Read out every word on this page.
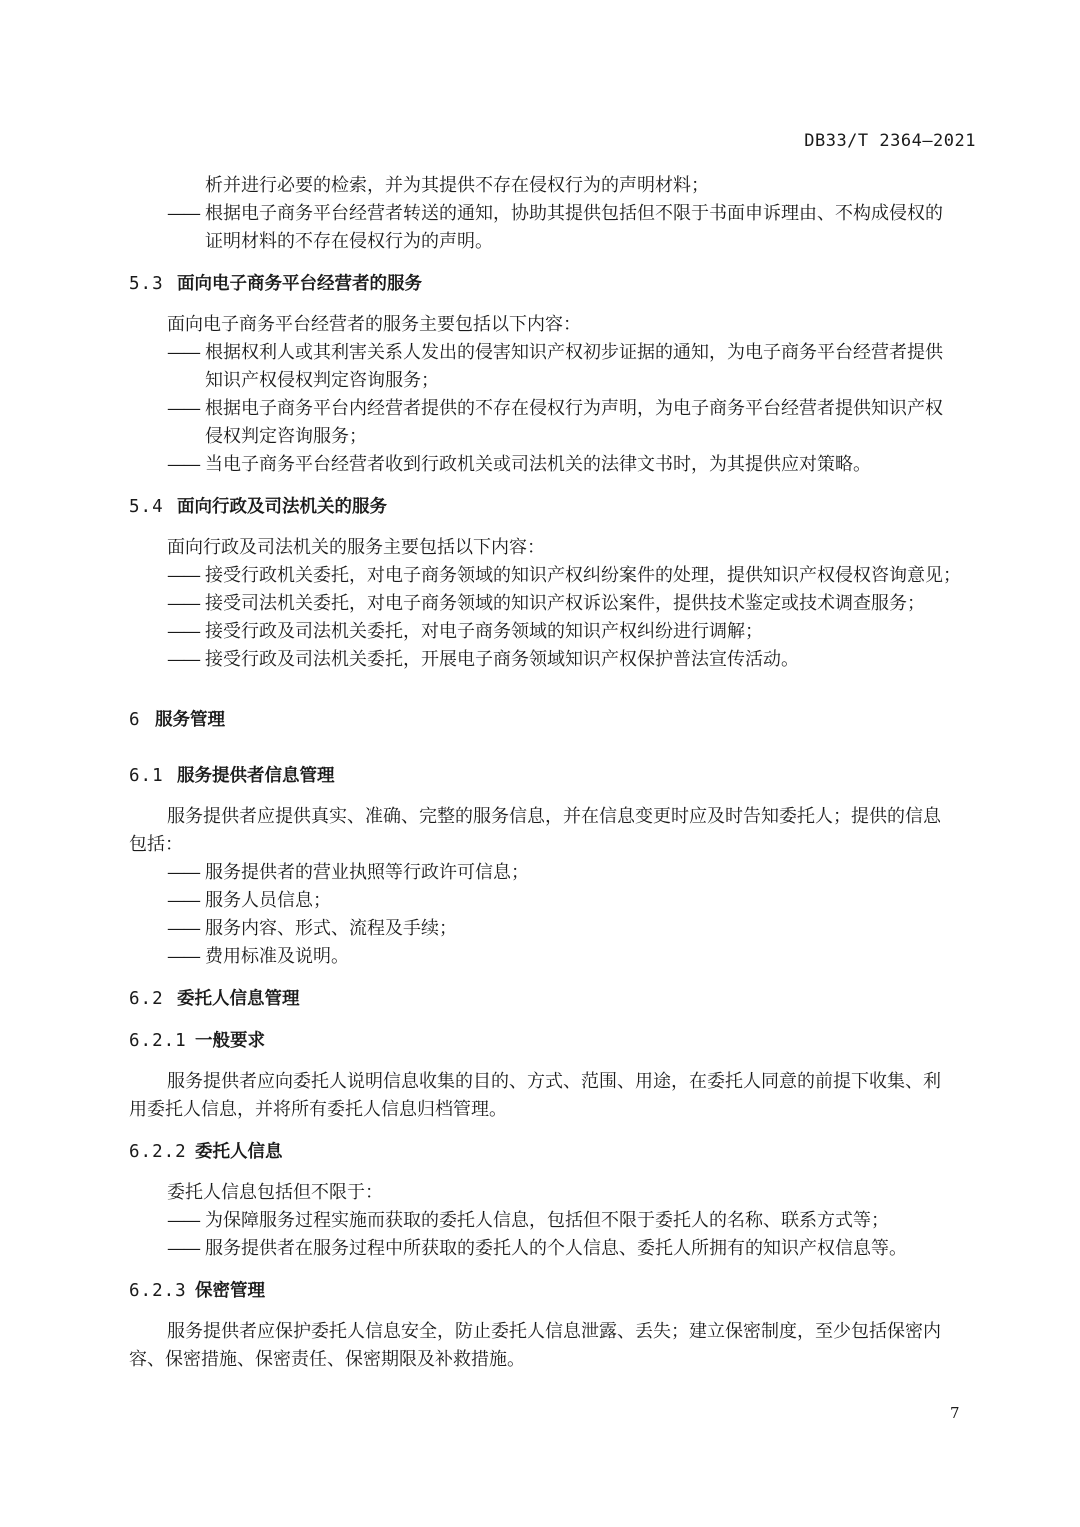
DB33/T 2364—2021

析并进行必要的检索，并为其提供不存在侵权行为的声明材料；

—— 根据电子商务平台经营者转送的通知，协助其提供包括但不限于书面申诉理由、不构成侵权的
证明材料的不存在侵权行为的声明。

5.3 面向电子商务平台经营者的服务

面向电子商务平台经营者的服务主要包括以下内容：

—— 根据权利人或其利害关系人发出的侵害知识产权初步证据的通知，为电子商务平台经营者提供
知识产权侵权判定咨询服务；

—— 根据电子商务平台内经营者提供的不存在侵权行为声明，为电子商务平台经营者提供知识产权
侵权判定咨询服务；

—— 当电子商务平台经营者收到行政机关或司法机关的法律文书时，为其提供应对策略。

5.4 面向行政及司法机关的服务

面向行政及司法机关的服务主要包括以下内容：

—— 接受行政机关委托，对电子商务领域的知识产权纠纷案件的处理，提供知识产权侵权咨询意见；

—— 接受司法机关委托，对电子商务领域的知识产权诉讼案件，提供技术鉴定或技术调查服务；

—— 接受行政及司法机关委托，对电子商务领域的知识产权纠纷进行调解；

—— 接受行政及司法机关委托，开展电子商务领域知识产权保护普法宣传活动。

6 服务管理

6.1 服务提供者信息管理

服务提供者应提供真实、准确、完整的服务信息，并在信息变更时应及时告知委托人；提供的信息

包括：

—— 服务提供者的营业执照等行政许可信息；

—— 服务人员信息；

—— 服务内容、形式、流程及手续；

—— 费用标准及说明。

6.2 委托人信息管理

6.2.1 一般要求

服务提供者应向委托人说明信息收集的目的、方式、范围、用途，在委托人同意的前提下收集、利

用委托人信息，并将所有委托人信息归档管理。

6.2.2 委托人信息

委托人信息包括但不限于：

—— 为保障服务过程实施而获取的委托人信息，包括但不限于委托人的名称、联系方式等；

—— 服务提供者在服务过程中所获取的委托人的个人信息、委托人所拥有的知识产权信息等。

6.2.3 保密管理

服务提供者应保护委托人信息安全，防止委托人信息泄露、丢失；建立保密制度，至少包括保密内

容、保密措施、保密责任、保密期限及补救措施。

7
